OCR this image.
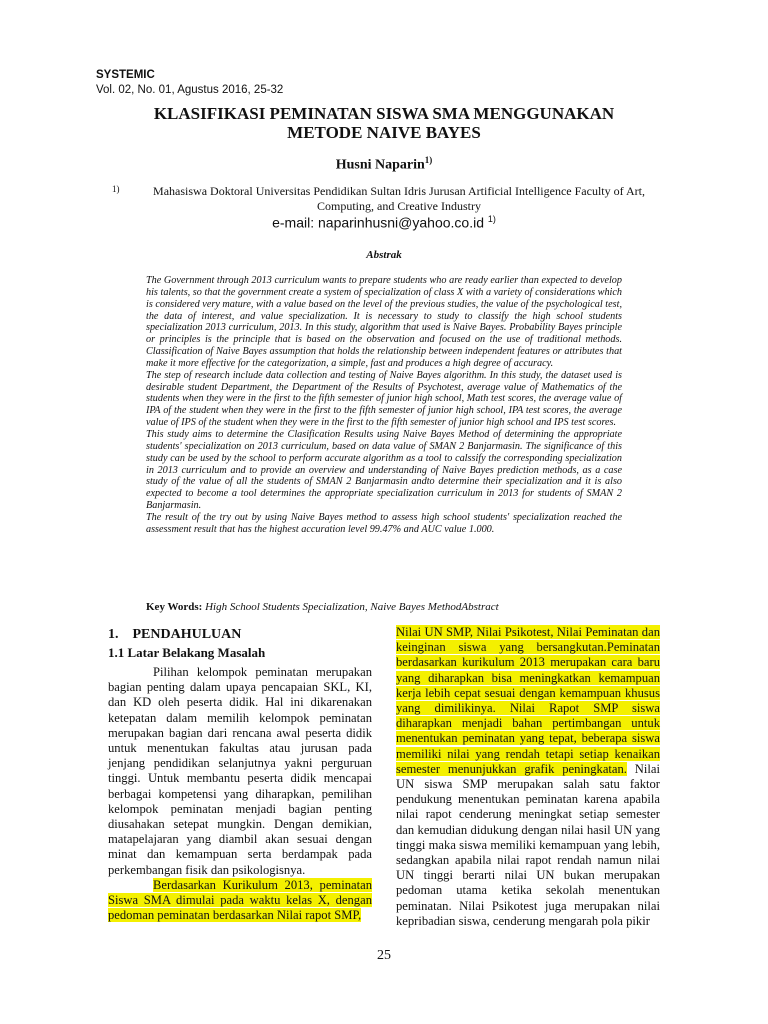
SYSTEMIC
Vol. 02, No. 01, Agustus 2016, 25-32
KLASIFIKASI PEMINATAN SISWA SMA MENGGUNAKAN
METODE NAIVE BAYES
Husni Naparin$^{1)}$
1)	Mahasiswa Doktoral Universitas Pendidikan Sultan Idris Jurusan Artificial Intelligence Faculty of Art, Computing, and Creative Industry
e-mail: naparinhusni@yahoo.co.id $^{1)}$
Abstrak

The Government through 2013 curriculum wants to prepare students who are ready earlier than expected to develop his talents, so that the government create a system of specialization of class X with a variety of considerations which is considered very mature, with a value based on the level of the previous studies, the value of the psychological test, the data of interest, and value specialization. It is necessary to study to classify the high school students specialization 2013 curriculum, 2013. In this study, algorithm that used is Naive Bayes. Probability Bayes principle or principles is the principle that is based on the observation and focused on the use of traditional methods. Classification of Naive Bayes assumption that holds the relationship between independent features or attributes that make it more effective for the categorization, a simple, fast and produces a high degree of accuracy.

The step of research include data collection and testing of Naive Bayes algorithm. In this study, the dataset used is desirable student Department, the Department of the Results of Psychotest, average value of Mathematics of the students when they were in the first to the fifth semester of junior high school, Math test scores, the average value of IPA of the student when they were in the first to the fifth semester of junior high school, IPA test scores, the average value of IPS of the student when they were in the first to the fifth semester of junior high school and IPS test scores.

This study aims to determine the Clasification Results using Naive Bayes Method of determining the appropriate students' specialization on 2013 curriculum, based on data value of SMAN 2 Banjarmasin. The significance of this study can be used by the school to perform accurate algorithm as a tool to calssify the corresponding specialization in 2013 curriculum and to provide an overview and understanding of Naive Bayes prediction methods, as a case study of the value of all the students of SMAN 2 Banjarmasin andto determine their specialization and it is also expected to become a tool determines the appropriate specialization curriculum in 2013 for students of SMAN 2 Banjarmasin.

The result of the try out by using Naive Bayes method to assess high school students' specialization reached the assessment result that has the highest accuration level 99.47% and AUC value 1.000.

Key Words: High School Students Specialization, Naive Bayes MethodAbstract
1.    PENDAHULUAN
1.1 Latar Belakang Masalah

Pilihan kelompok peminatan merupakan bagian penting dalam upaya pencapaian SKL, KI, dan KD oleh peserta didik. Hal ini dikarenakan ketepatan dalam memilih kelompok peminatan merupakan bagian dari rencana awal peserta didik untuk menentukan fakultas atau jurusan pada jenjang pendidikan selanjutnya yakni perguruan tinggi. Untuk membantu peserta didik mencapai berbagai kompetensi yang diharapkan, pemilihan kelompok peminatan menjadi bagian penting diusahakan setepat mungkin. Dengan demikian, matapelajaran yang diambil akan sesuai dengan minat dan kemampuan serta berdampak pada perkembangan fisik dan psikologisnya.

Berdasarkan Kurikulum 2013, peminatan Siswa SMA dimulai pada waktu kelas X, dengan pedoman peminatan berdasarkan Nilai rapot SMP,

Nilai UN SMP, Nilai Psikotest, Nilai Peminatan dan keinginan siswa yang bersangkutan.Peminatan berdasarkan kurikulum 2013 merupakan cara baru yang diharapkan bisa meningkatkan kemampuan kerja lebih cepat sesuai dengan kemampuan khusus yang dimilikinya. Nilai Rapot SMP siswa diharapkan menjadi bahan pertimbangan untuk menentukan peminatan yang tepat, beberapa siswa memiliki nilai yang rendah tetapi setiap kenaikan semester menunjukkan grafik peningkatan. Nilai UN siswa SMP merupakan salah satu faktor pendukung menentukan peminatan karena apabila nilai rapot cenderung meningkat setiap semester dan kemudian didukung dengan nilai hasil UN yang tinggi maka siswa memiliki kemampuan yang lebih, sedangkan apabila nilai rapot rendah namun nilai UN tinggi berarti nilai UN bukan merupakan pedoman utama ketika sekolah menentukan peminatan. Nilai Psikotest juga merupakan nilai kepribadian siswa, cenderung mengarah pola pikir

25
